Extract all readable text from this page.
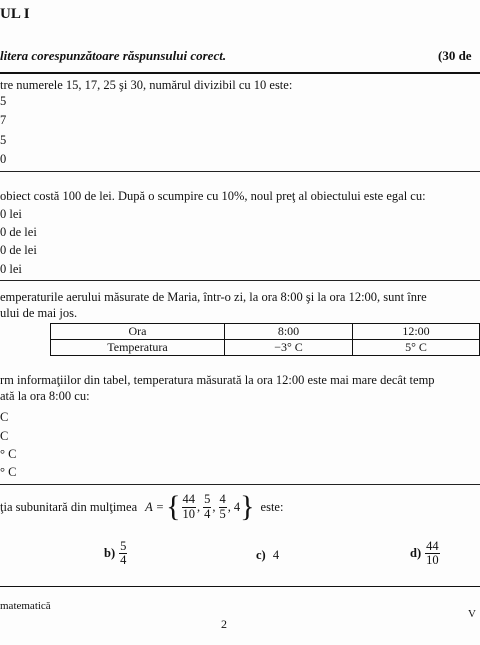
UL I
litera corespunzătoare răspunsului corect.	(30 de
tre numerele 15, 17, 25 şi 30, numărul divizibil cu 10 este:
5
7
5
0
obiect costă 100 de lei. După o scumpire cu 10%, noul preţ al obiectului este egal cu:
0 lei
0 de lei
0 de lei
0 lei
emperaturile aerului măsurate de Maria, într-o zi, la ora 8:00 şi la ora 12:00, sunt înre
ului de mai jos.
Ora	8:00	12:00
Temperatura	−3° C	5° C
rm informaţiilor din tabel, temperatura măsurată la ora 12:00 este mai mare decât temp
ată la ora 8:00 cu:
C
C
° C
° C
ţia subunitară din mulţimea A = { $\frac{44}{10}$ , $\frac{5}{4}$ , $\frac{4}{5}$ , 4 } este:
$b) \frac{5}{4}$	c) 4	$d) \frac{44}{10}$
matematică
V
2
